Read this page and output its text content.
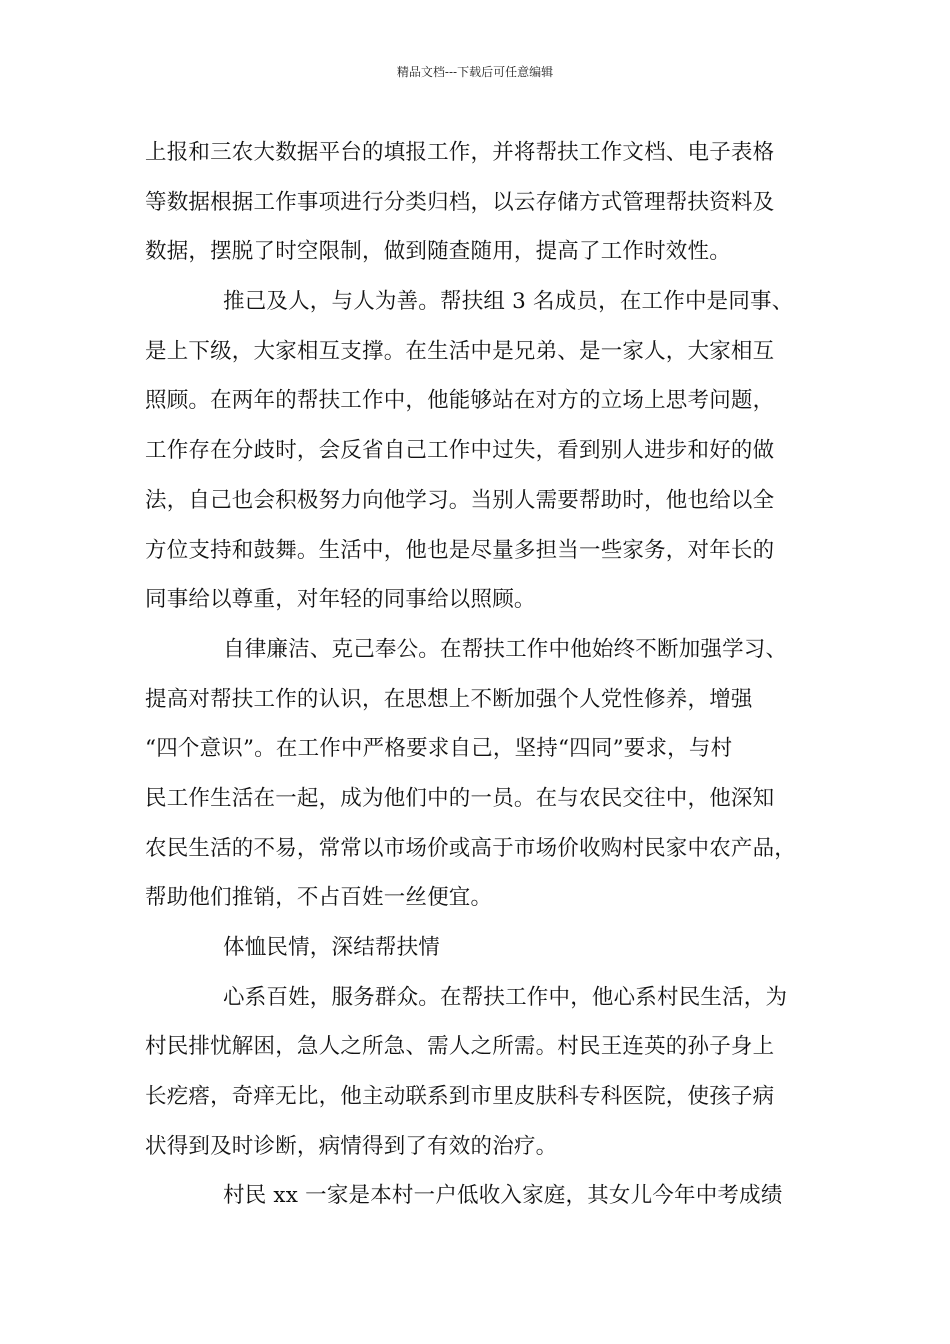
精品文档---下载后可任意编辑
上报和三农大数据平台的填报工作，并将帮扶工作文档、电子表格
等数据根据工作事项进行分类归档，以云存储方式管理帮扶资料及
数据，摆脱了时空限制，做到随查随用，提高了工作时效性。
推己及人，与人为善。帮扶组 3 名成员，在工作中是同事、
是上下级，大家相互支撑。在生活中是兄弟、是一家人，大家相互
照顾。在两年的帮扶工作中，他能够站在对方的立场上思考问题，
工作存在分歧时，会反省自己工作中过失，看到别人进步和好的做
法，自己也会积极努力向他学习。当别人需要帮助时，他也给以全
方位支持和鼓舞。生活中，他也是尽量多担当一些家务，对年长的
同事给以尊重，对年轻的同事给以照顾。
自律廉洁、克己奉公。在帮扶工作中他始终不断加强学习、
提高对帮扶工作的认识，在思想上不断加强个人党性修养，增强
“四个意识”。在工作中严格要求自己，坚持“四同”要求，与村
民工作生活在一起，成为他们中的一员。在与农民交往中，他深知
农民生活的不易，常常以市场价或高于市场价收购村民家中农产品，
帮助他们推销，不占百姓一丝便宜。
体恤民情，深结帮扶情
心系百姓，服务群众。在帮扶工作中，他心系村民生活，为
村民排忧解困，急人之所急、需人之所需。村民王连英的孙子身上
长疙瘩，奇痒无比，他主动联系到市里皮肤科专科医院，使孩子病
状得到及时诊断，病情得到了有效的治疗。
村民 xx 一家是本村一户低收入家庭，其女儿今年中考成绩
